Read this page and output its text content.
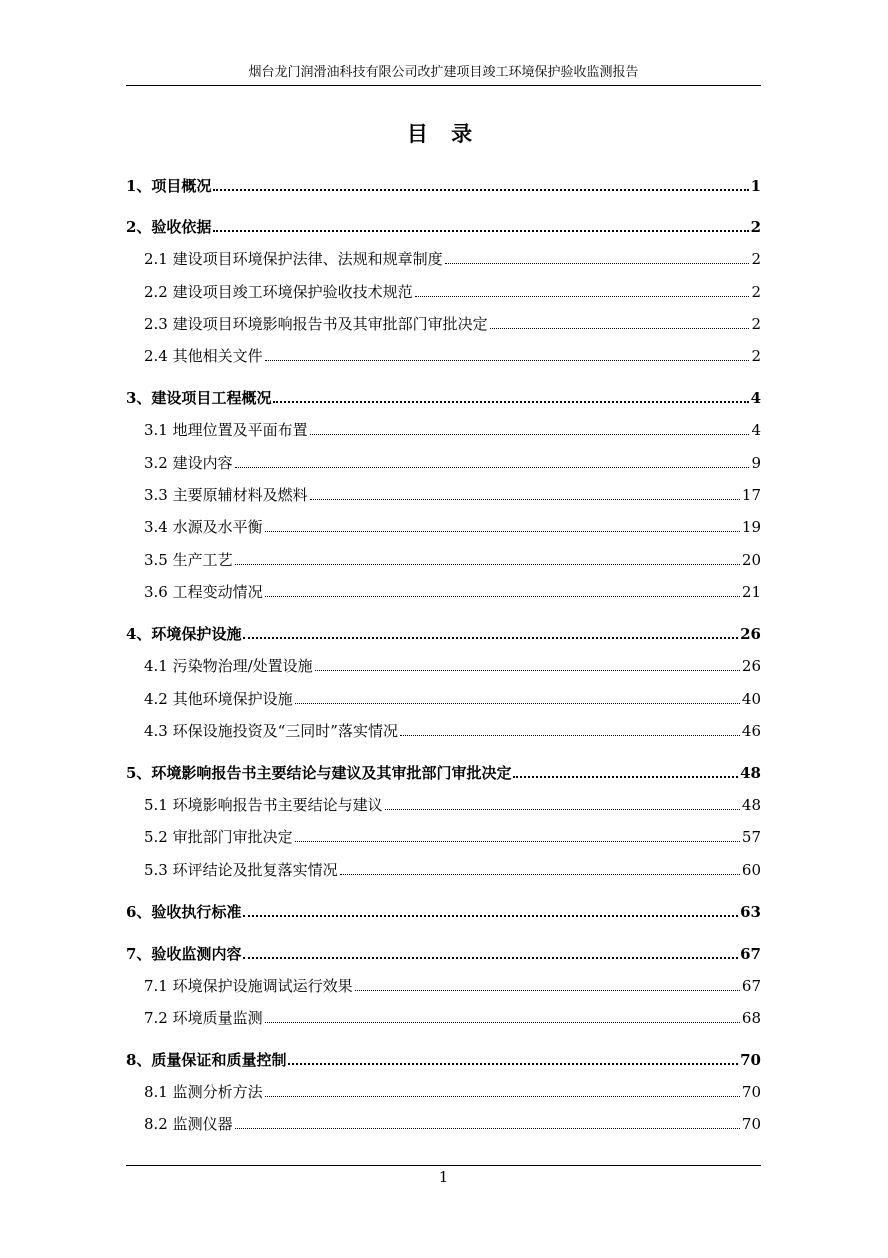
烟台龙门润滑油科技有限公司改扩建项目竣工环境保护验收监测报告
目 录
1、项目概况	1
2、验收依据	2
2.1 建设项目环境保护法律、法规和规章制度	2
2.2 建设项目竣工环境保护验收技术规范	2
2.3 建设项目环境影响报告书及其审批部门审批决定	2
2.4 其他相关文件	2
3、建设项目工程概况	4
3.1 地理位置及平面布置	4
3.2 建设内容	9
3.3 主要原辅材料及燃料	17
3.4 水源及水平衡	19
3.5 生产工艺	20
3.6 工程变动情况	21
4、环境保护设施	26
4.1 污染物治理/处置设施	26
4.2 其他环境保护设施	40
4.3 环保设施投资及“三同时”落实情况	46
5、环境影响报告书主要结论与建议及其审批部门审批决定	48
5.1 环境影响报告书主要结论与建议	48
5.2 审批部门审批决定	57
5.3 环评结论及批复落实情况	60
6、验收执行标准	63
7、验收监测内容	67
7.1 环境保护设施调试运行效果	67
7.2 环境质量监测	68
8、质量保证和质量控制	70
8.1 监测分析方法	70
8.2 监测仪器	70
1
